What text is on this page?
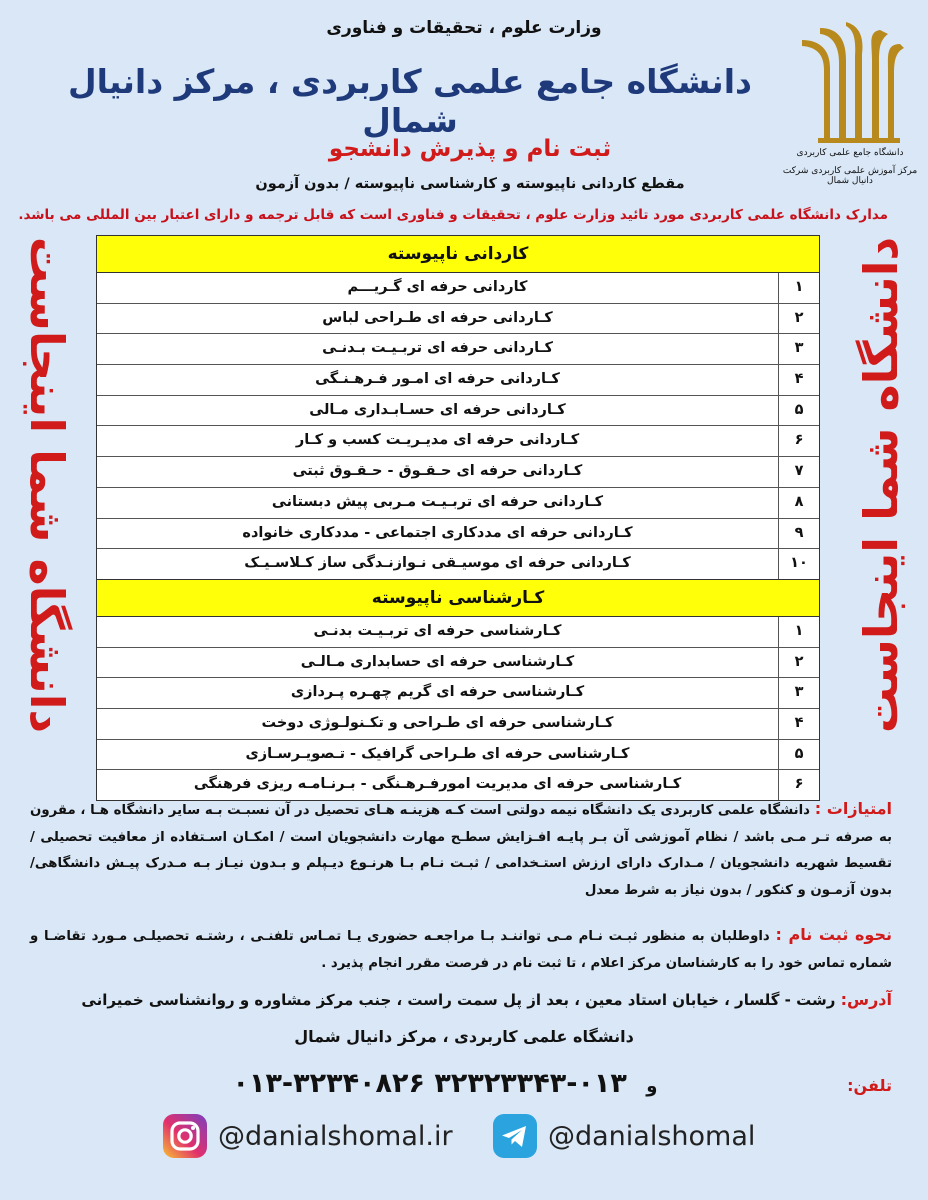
وزارت علوم ، تحقیقات و فناوری
دانشگاه جامع علمی کاربردی ، مرکز دانیال شمال
ثبت نام و پذیرش دانشجو
مقطع کاردانی ناپیوسته و کارشناسی ناپیوسته / بدون آزمون
مدارک دانشگاه علمی کاربردی مورد تائید وزارت علوم ، تحقیقات و فناوری است که قابل ترجمه و دارای اعتبار بین المللی می باشد.
دانشگاه جامع علمی کاربردی
مرکز آموزش علمی کاربردی شرکت دانیال شمال
دانشگاه شما اینجاست	دانشگاه شما اینجاست
کاردانی ناپیوسته
۱
کاردانی حرفه ای گـریـــم
۲
کـاردانی حرفه ای طـراحی لباس
۳
کـاردانی حرفه ای تربـیـت بـدنـی
۴
کـاردانی حرفه ای امـور فـرهـنـگی
۵
کـاردانی حرفه ای حسـابـداری مـالی
۶
کـاردانی حرفه ای مدیـریـت کسب و کـار
۷
کـاردانی حرفه ای حـقـوق - حـقـوق ثبتی
۸
کـاردانی حرفه ای تربـیـت مـربی پیش دبستانی
۹
کـاردانی حرفه ای مددکاری اجتماعی - مددکاری خانواده
۱۰
کـاردانی حرفه ای موسیـقی نـوازنـدگی ساز کـلاسـیـک
کـارشناسی ناپیوسته
۱
کـارشناسی حرفه ای تربـیـت بدنـی
۲
کـارشناسی حرفه ای حسابداری مـالـی
۳
کـارشناسی حرفه ای گریم چهـره پـردازی
۴
کـارشناسی حرفه ای طـراحی و تکـنولـوژی دوخت
۵
کـارشناسی حرفه ای طـراحی گرافیک - تـصویـرسـازی
۶
کـارشناسی حرفه ای مدیریت امورفـرهـنگی - بـرنـامـه ریزی فرهنگی
امتیازات : دانشگاه علمی کاربردی یک دانشگاه نیمه دولتی است کـه هزینـه هـای تحصیل در آن نسبـت بـه سایر دانشگاه هـا ، مقرون به صرفه تـر مـی باشد / نظام آموزشی آن بـر پایـه افـزایش سطـح مهارت دانشجویان است / امکـان اسـتفاده از معافیت تحصیلی / تقسیط شهریه دانشجویان / مـدارک دارای ارزش استـخدامی / ثبـت نـام بـا هرنـوع دیـپلم و بـدون نیـاز بـه مـدرک پیـش دانشگاهی/ بدون آزمـون و کنکور / بدون نیاز به شرط معدل
نحوه ثبت نام : داوطلبان به منظور ثبـت نـام مـی تواننـد بـا مراجعـه حضوری یـا تمـاس تلفنـی ، رشتـه تحصیلـی مـورد تقاضـا و شماره تماس خود را به کارشناسان مرکز اعلام ، تا ثبت نام در فرصت مقرر انجام پذیرد .
آدرس: رشت - گلسار ، خیابان استاد معین ، بعد از پل سمت راست ، جنب مرکز مشاوره و روانشناسی خمیرانی
دانشگاه علمی کاربردی ، مرکز دانیال شمال
تلفن:
۰۱۳-۳۲۳۴۰۸۲۶	و ۰۱۳-۳۲۳۲۳۳۴۳
@danialshomal.ir	@danialshomal
